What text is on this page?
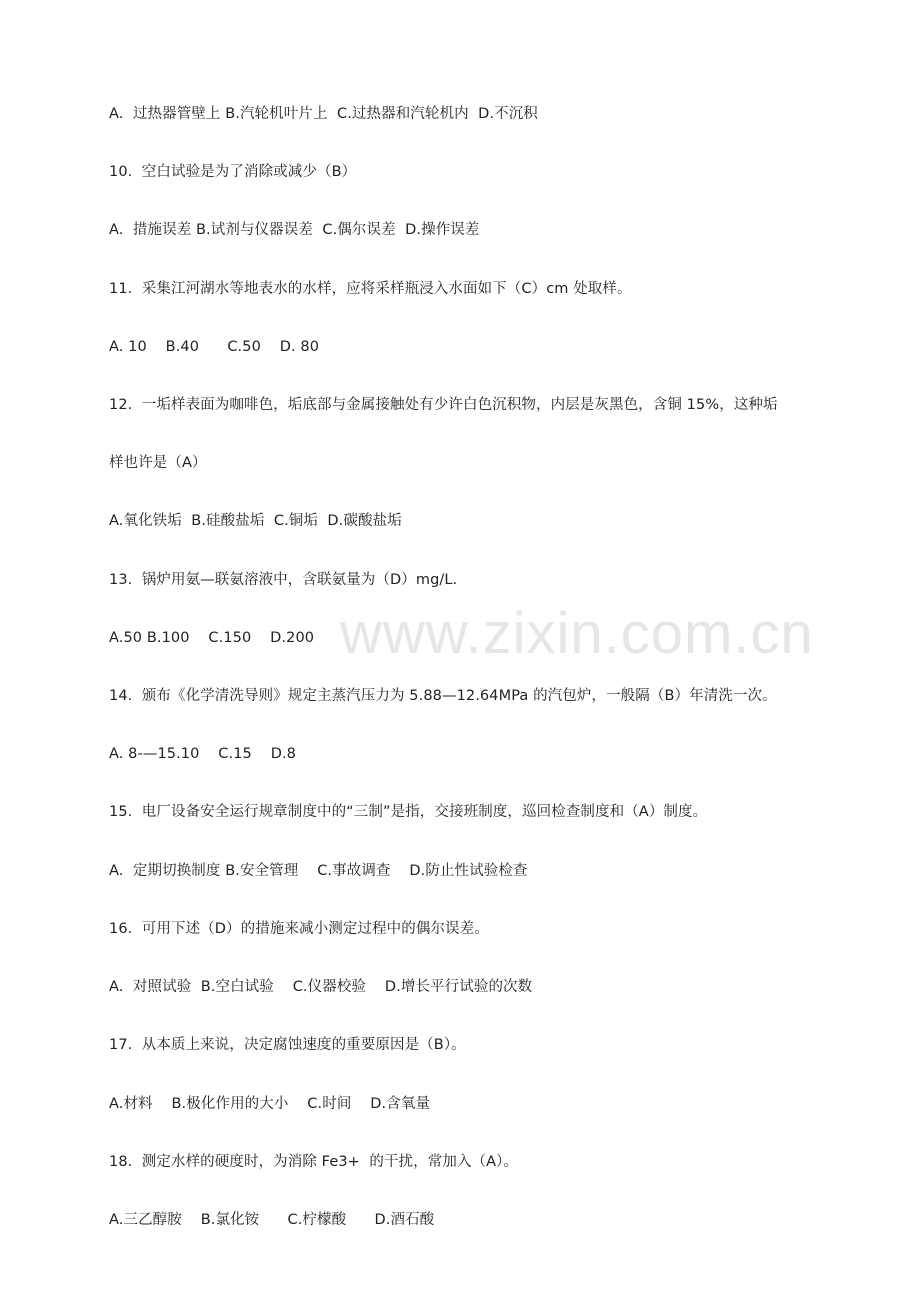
www.zixin.com.cn
A.  过热器管壁上 B.汽轮机叶片上  C.过热器和汽轮机内  D.不沉积
10.  空白试验是为了消除或减少（B）
A.  措施误差 B.试剂与仪器误差  C.偶尔误差  D.操作误差
11.  采集江河湖水等地表水的水样，应将采样瓶浸入水面如下（C）cm 处取样。
A. 10    B.40      C.50    D. 80
12.  一垢样表面为咖啡色，垢底部与金属接触处有少许白色沉积物，内层是灰黑色，含铜 15%，这种垢
样也许是（A）
A.氧化铁垢  B.硅酸盐垢  C.铜垢  D.碳酸盐垢
13.  锅炉用氨—联氨溶液中，含联氨量为（D）mg/L.
A.50 B.100    C.150    D.200
14.  颁布《化学清洗导则》规定主蒸汽压力为 5.88—12.64MPa 的汽包炉，一般隔（B）年清洗一次。
A. 8-—15.10    C.15    D.8
15.  电厂设备安全运行规章制度中的“三制”是指，交接班制度，巡回检查制度和（A）制度。
A.  定期切换制度 B.安全管理    C.事故调查    D.防止性试验检查
16.  可用下述（D）的措施来减小测定过程中的偶尔误差。
A.  对照试验  B.空白试验    C.仪器校验    D.增长平行试验的次数
17.  从本质上来说，决定腐蚀速度的重要原因是（B）。
A.材料    B.极化作用的大小    C.时间    D.含氧量
18.  测定水样的硬度时，为消除 Fe3+  的干扰，常加入（A）。
A.三乙醇胺    B.氯化铵      C.柠檬酸      D.酒石酸
